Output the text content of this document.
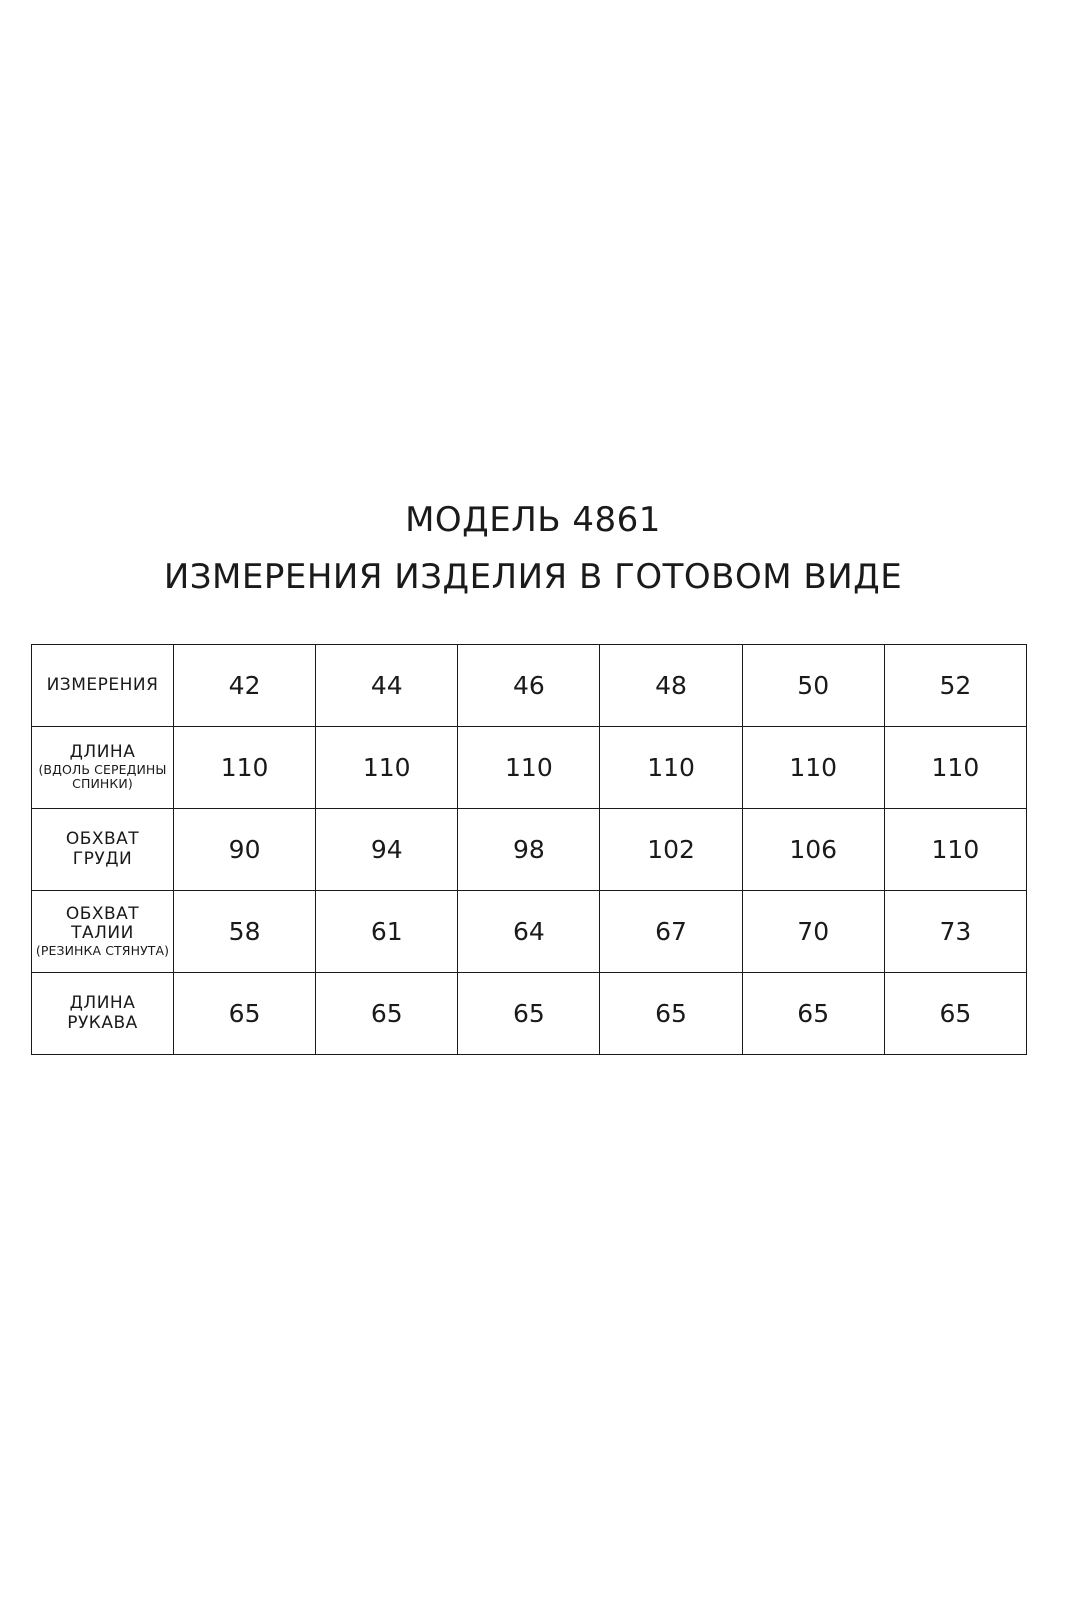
МОДЕЛЬ 4861
ИЗМЕРЕНИЯ ИЗДЕЛИЯ В ГОТОВОМ ВИДЕ
ИЗМЕРЕНИЯ	42	44	46	48	50	52

ДЛИНА
(ВДОЛЬ СЕРЕДИНЫ
СПИНКИ)	110	110	110	110	110	110

ОБХВАТ
ГРУДИ	90	94	98	102	106	110

ОБХВАТ
ТАЛИИ
(РЕЗИНКА СТЯНУТА)	58	61	64	67	70	73

ДЛИНА
РУКАВА	65	65	65	65	65	65
